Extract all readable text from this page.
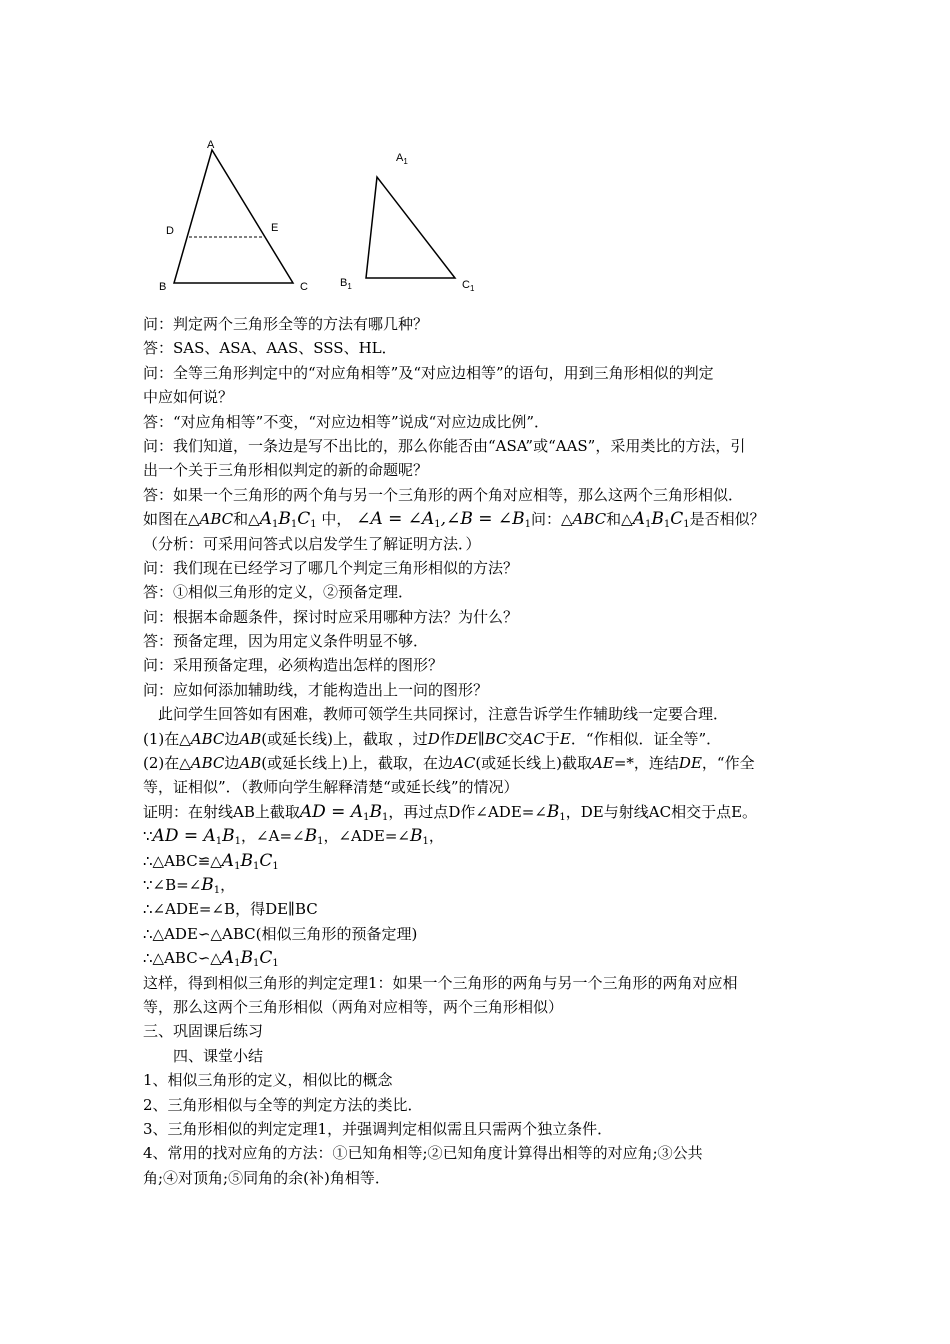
A
D	E
B	C
$A_1$
$B_1$	$C_1$
问：判定两个三角形全等的方法有哪几种？
答：SAS、ASA、AAS、SSS、HL．
问：全等三角形判定中的“对应角相等”及“对应边相等”的语句，用到三角形相似的判定
中应如何说？
答：“对应角相等”不变，“对应边相等”说成“对应边成比例”．
问：我们知道，一条边是写不出比的，那么你能否由“ASA”或“AAS”，采用类比的方法，引
出一个关于三角形相似判定的新的命题呢？
答：如果一个三角形的两个角与另一个三角形的两个角对应相等，那么这两个三角形相似．
如图在△ABC和$\triangle A_1B_1C_1$ 中， ∠A = $\angle A_1,\angle B$ = $\angle B_1$问：△ABC和$\triangle A_1B_1C_1$是否相似？
（分析：可采用问答式以启发学生了解证明方法．）
问：我们现在已经学习了哪几个判定三角形相似的方法？
答：①相似三角形的定义，②预备定理．
问：根据本命题条件，探讨时应采用哪种方法？为什么？
答：预备定理，因为用定义条件明显不够．
问：采用预备定理，必须构造出怎样的图形？
问：应如何添加辅助线，才能构造出上一问的图形？
此问学生回答如有困难，教师可领学生共同探讨，注意告诉学生作辅助线一定要合理．
(1)在△ABC边AB(或延长线)上，截取 ，过D作DE∥BC交AC于E．“作相似．证全等”．
(2)在△ABC边AB(或延长线上)上，截取，在边AC(或延长线上)截取AE=*，连结DE，“作全
等，证相似”．（教师向学生解释清楚“或延长线”的情况）
证明：在射线AB上截取AD = $A_1B_1$，再过点D作$\angle ADE=\angle B_1$，DE与射线AC相交于点E。
∵AD = $A_1B_1$，$\angle A=\angle B_1$，$\angle ADE=\angle B_1$，
$\therefore\triangle ABC≌\triangle A_1B_1C_1$
$\because\angle B=\angle B_1$，
∴∠ADE=∠B，得DE∥BC
∴△ADE∽△ABC(相似三角形的预备定理)
$\therefore\triangle ABC∽\triangle A_1B_1C_1$
这样，得到相似三角形的判定定理1：如果一个三角形的两角与另一个三角形的两角对应相
等，那么这两个三角形相似（两角对应相等，两个三角形相似）
三、巩固课后练习
四、课堂小结
1、相似三角形的定义，相似比的概念
2、三角形相似与全等的判定方法的类比．
3、三角形相似的判定定理1，并强调判定相似需且只需两个独立条件．
4、常用的找对应角的方法：①已知角相等;②已知角度计算得出相等的对应角;③公共
角;④对顶角;⑤同角的余(补)角相等．
